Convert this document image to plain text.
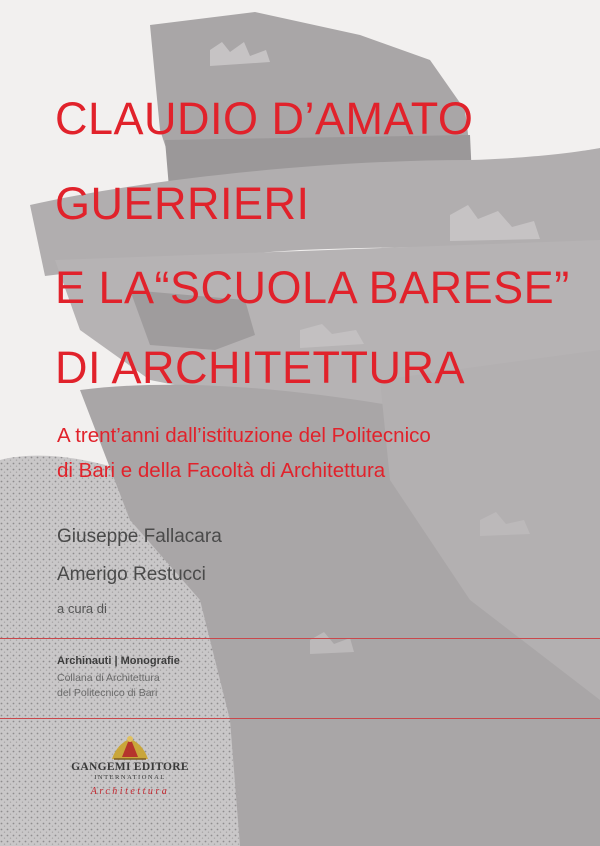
CLAUDIO D’AMATO
GUERRIERI
E LA“SCUOLA BARESE”
DI ARCHITETTURA

A trent’anni dall’istituzione del Politecnico

di Bari e della Facoltà di Architettura

Giuseppe Fallacara

Amerigo Restucci

a cura di

Archinauti | Monografie

Collana di Architettura

del Politecnico di Bari

GANGEMI EDITORE

INTERNATIONAL

Architettura
